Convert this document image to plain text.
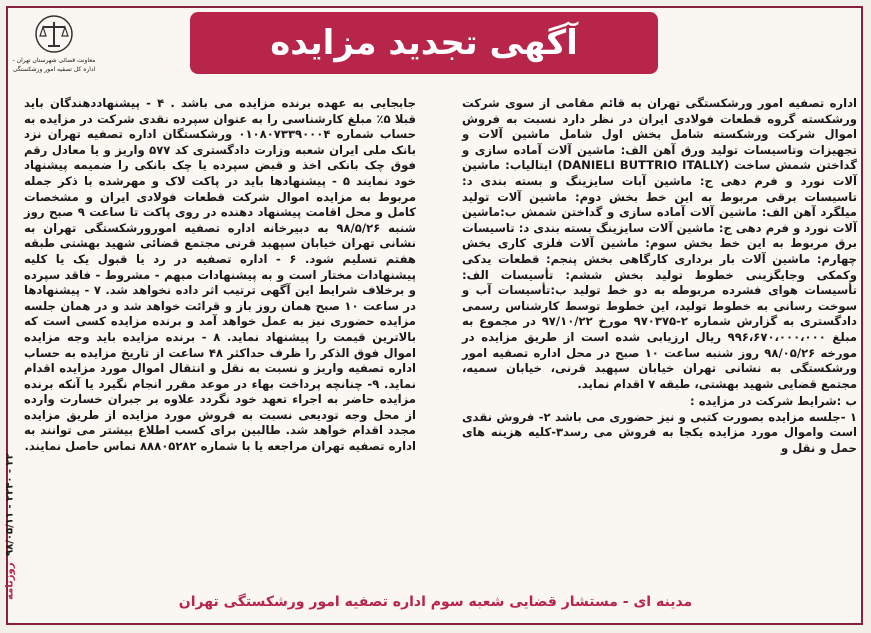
معاونت قضائی شهرستان تهران - اداره کل تصفیه امور ورشکستگی
آگهی تجدید مزایده

اداره تصفیه امور ورشکستگی تهران به قائم مقامی از سوی شرکت ورشکسته گروه قطعات فولادی ایران در نظر دارد نسبت به فروش اموال شرکت ورشکسته شامل بخش اول شامل ماشین آلات و تجهیزات وتاسیسات تولید ورق آهن الف: ماشین آلات آماده سازی و گداختن شمش ساخت (DANIELI BUTTRIO ITALLY) ایتالیاب: ماشین آلات نورد و فرم دهی ج: ماشین آبات سایزینگ و بسته بندی د: تاسیسات برقی مربوط به این خط بخش دوم: ماشین آلات تولید میلگرد آهن الف: ماشین آلات آماده سازی و گداختن شمش ب:ماشین آلات نورد و فرم دهی ج: ماشین آلات سایزینگ بسته بندی د: تاسیسات برق مربوط به این خط بخش سوم: ماشین آلات فلزی کاری بخش چهارم: ماشین آلات بار برداری کارگاهی بخش پنجم: قطعات یدکی وکمکی وجایگزینی خطوط تولید بخش ششم: تأسیسات الف: تأسیسات هوای فشرده مربوطه به دو خط تولید ب:تأسیسات آب و سوخت رسانی به خطوط تولید، این خطوط توسط کارشناس رسمی دادگستری به گزارش شماره ۲-۹۷۰۳۷۵ مورخ ۹۷/۱۰/۲۲ در مجموع به مبلغ ۹۹۶،۶۷۰،۰۰۰،۰۰۰ ریال ارزیابی شده است از طریق مزایده در مورخه ۹۸/۰۵/۲۶ روز شنبه ساعت ۱۰ صبح در محل اداره تصفیه امور ورشکستگی به نشانی تهران خیابان سپهبد قرنی، خیابان سمیه، مجتمع قضایی شهید بهشتی، طبقه ۷ اقدام نماید.

ب :شرایط شرکت در مزایده :

۱ -جلسه مزایده بصورت کتبی و نیز حضوری می باشد ۲- فروش نقدی است واموال مورد مزایده یکجا به فروش می رسد۳-کلیه هزینه های حمل و نقل و

جابجایی به عهده برنده مزایده می باشد . ۴ - پیشنهاددهندگان باید قبلا ۵٪ مبلغ کارشناسی را به عنوان سپرده نقدی شرکت در مزایده به حساب شماره ۰۱۰۸۰۷۳۳۹۰۰۰۴ ورشکستگان اداره تصفیه تهران نزد بانک ملی ایران شعبه وزارت دادگستری کد ۵۷۷ واریز و یا معادل رقم فوق چک بانکی اخذ و قبض سپرده یا چک بانکی را ضمیمه پیشنهاد خود نمایند ۵ - پیشنهادها باید در پاکت لاک و مهرشده با ذکر جمله مربوط به مزایده اموال شرکت قطعات فولادی ایران و مشخصات کامل و محل اقامت پیشنهاد دهنده در روی پاکت تا ساعت ۹ صبح روز شنبه ۹۸/۵/۲۶ به دبیرخانه اداره تصفیه امورورشکستگی تهران به نشانی تهران خیابان سپهبد قرنی مجتمع قضائی شهید بهشتی طبقه هفتم تسلیم شود. ۶ - اداره تصفیه در رد یا قبول یک یا کلیه پیشنهادات مختار است و به پیشنهادات مبهم - مشروط - فاقد سپرده و برخلاف شرایط این آگهی ترتیب اثر داده نخواهد شد. ۷ - پیشنهادها در ساعت ۱۰ صبح همان روز باز و قرائت خواهد شد و در همان جلسه مزایده حضوری نیز به عمل خواهد آمد و برنده مزایده کسی است که بالاترین قیمت را پیشنهاد نماید. ۸ - برنده مزایده باید وجه مزایده اموال فوق الذکر را ظرف حداکثر ۴۸ ساعت از تاریخ مزایده به حساب اداره تصفیه واریز و نسبت به نقل و انتقال اموال مورد مزایده اقدام نماید. ۹- چنانچه پرداخت بهاء در موعد مقرر انجام نگیرد یا آنکه برنده مزایده حاضر به اجراء تعهد خود نگردد علاوه بر جبران خسارت وارده از محل وجه تودیعی نسبت به فروش مورد مزایده از طریق مزایده مجدد اقدام خواهد شد. طالبین برای کسب اطلاع بیشتر می توانند به اداره تصفیه تهران مراجعه یا با شماره ۸۸۸۰۵۲۸۲ تماس حاصل نمایند.

روزنامه
۹۸/۰۵/۱۱ - ۲۲۴۰ - ۲۲
مدینه ای - مستشار قضایی شعبه سوم اداره تصفیه امور ورشکستگی تهران
